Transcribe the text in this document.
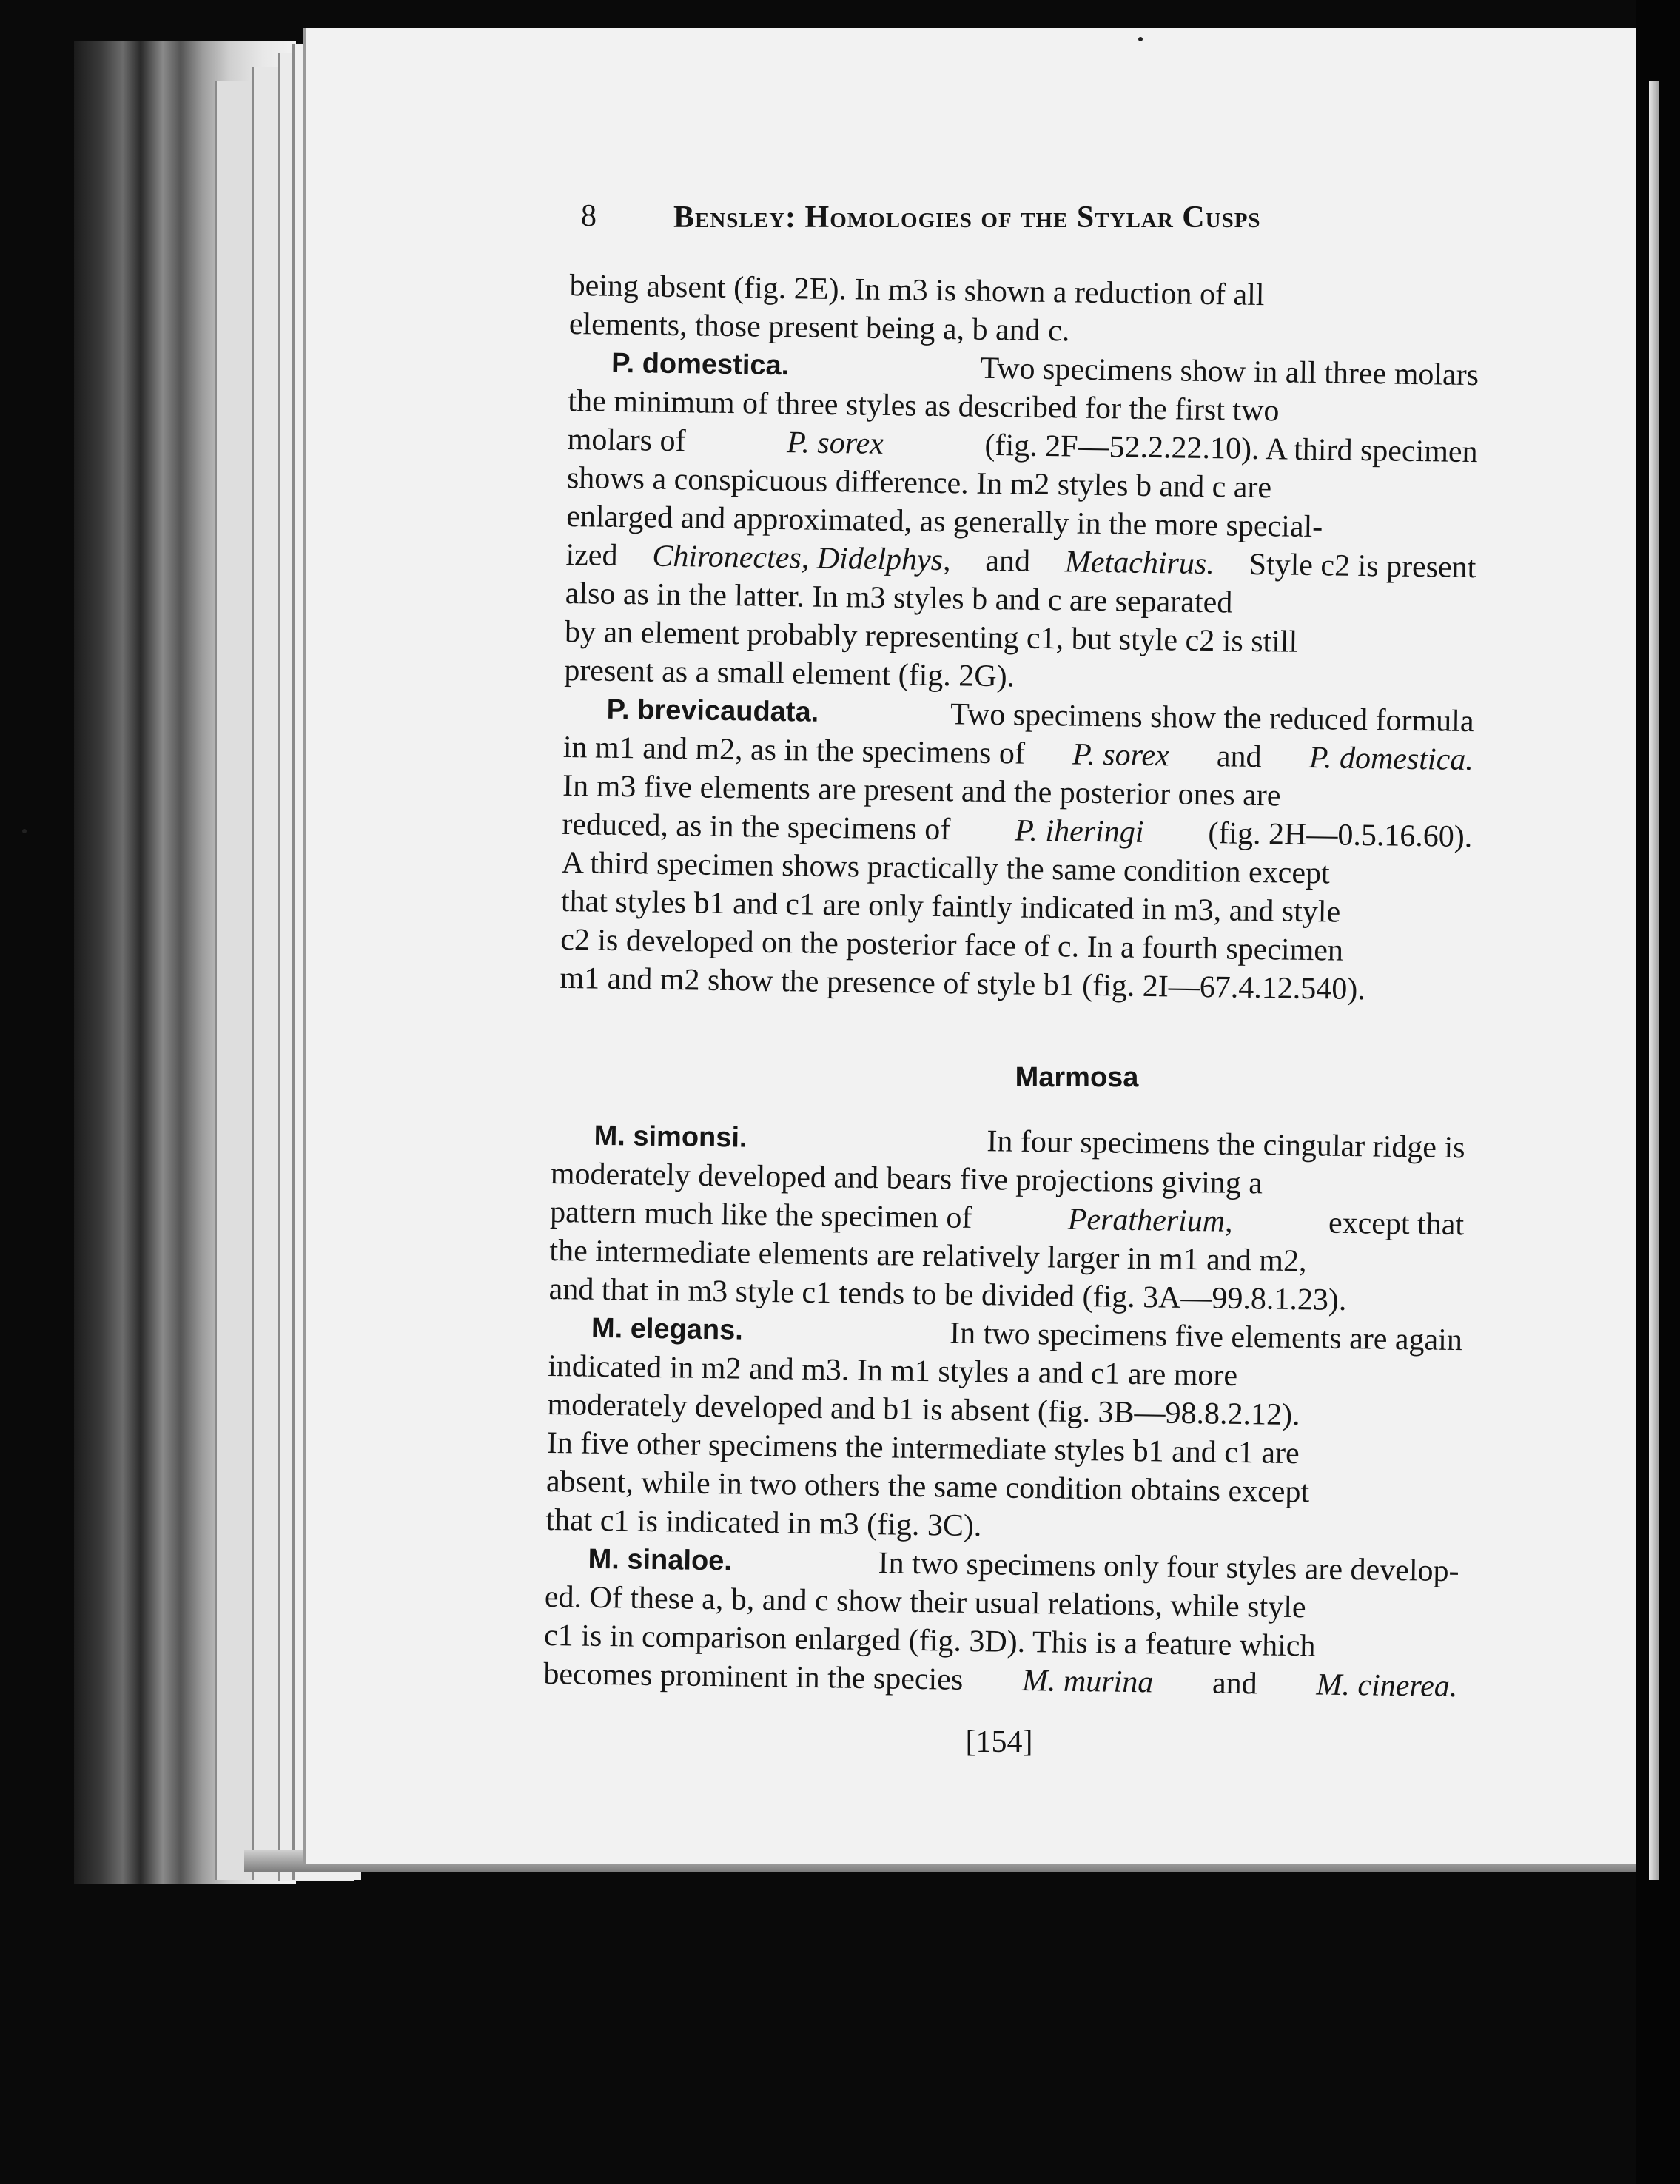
8 Bensley: Homologies of the Stylar Cusps
being absent (fig. 2E). In m3 is shown a reduction of all
elements, those present being a, b and c.
P. domestica.	Two specimens show in all three molars
the minimum of three styles as described for the first two
molars of	P. sorex	(fig. 2F—52.2.22.10). A third specimen
shows a conspicuous difference. In m2 styles b and c are
enlarged and approximated, as generally in the more special-
ized Chironectes, Didelphys, and Metachirus. Style c2 is present
also as in the latter. In m3 styles b and c are separated
by an element probably representing c1, but style c2 is still
present as a small element (fig. 2G).
P. brevicaudata.	Two specimens show the reduced formula
in m1 and m2, as in the specimens of P. sorex and P. domestica.
In m3 five elements are present and the posterior ones are
reduced, as in the specimens of P. iheringi (fig. 2H—0.5.16.60).
A third specimen shows practically the same condition except
that styles b1 and c1 are only faintly indicated in m3, and style
c2 is developed on the posterior face of c. In a fourth specimen
m1 and m2 show the presence of style b1 (fig. 2I—67.4.12.540).
Marmosa
M. simonsi.	In four specimens the cingular ridge is
moderately developed and bears five projections giving a
pattern much like the specimen of	Peratherium,	except that
the intermediate elements are relatively larger in m1 and m2,
and that in m3 style c1 tends to be divided (fig. 3A—99.8.1.23).
M. elegans.	In two specimens five elements are again
indicated in m2 and m3. In m1 styles a and c1 are more
moderately developed and b1 is absent (fig. 3B—98.8.2.12).
In five other specimens the intermediate styles b1 and c1 are
absent, while in two others the same condition obtains except
that c1 is indicated in m3 (fig. 3C).
M. sinaloe.	In two specimens only four styles are develop-
ed. Of these a, b, and c show their usual relations, while style
c1 is in comparison enlarged (fig. 3D). This is a feature which
becomes prominent in the species M. murina and M. cinerea.
[154]
